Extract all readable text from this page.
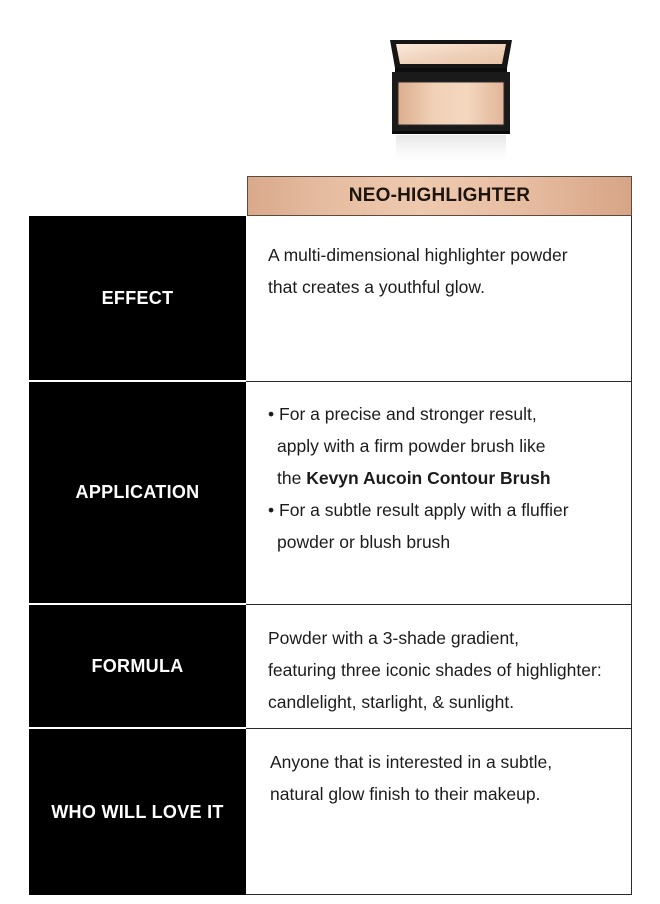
NEO-HIGHLIGHTER
EFFECT
A multi-dimensional highlighter powder
that creates a youthful glow.
APPLICATION
• For a precise and stronger result,
apply with a firm powder brush like
the Kevyn Aucoin Contour Brush
• For a subtle result apply with a fluffier
powder or blush brush
FORMULA
Powder with a 3-shade gradient,
featuring three iconic shades of highlighter:
candlelight, starlight, & sunlight.
WHO WILL LOVE IT
Anyone that is interested in a subtle,
natural glow finish to their makeup.
